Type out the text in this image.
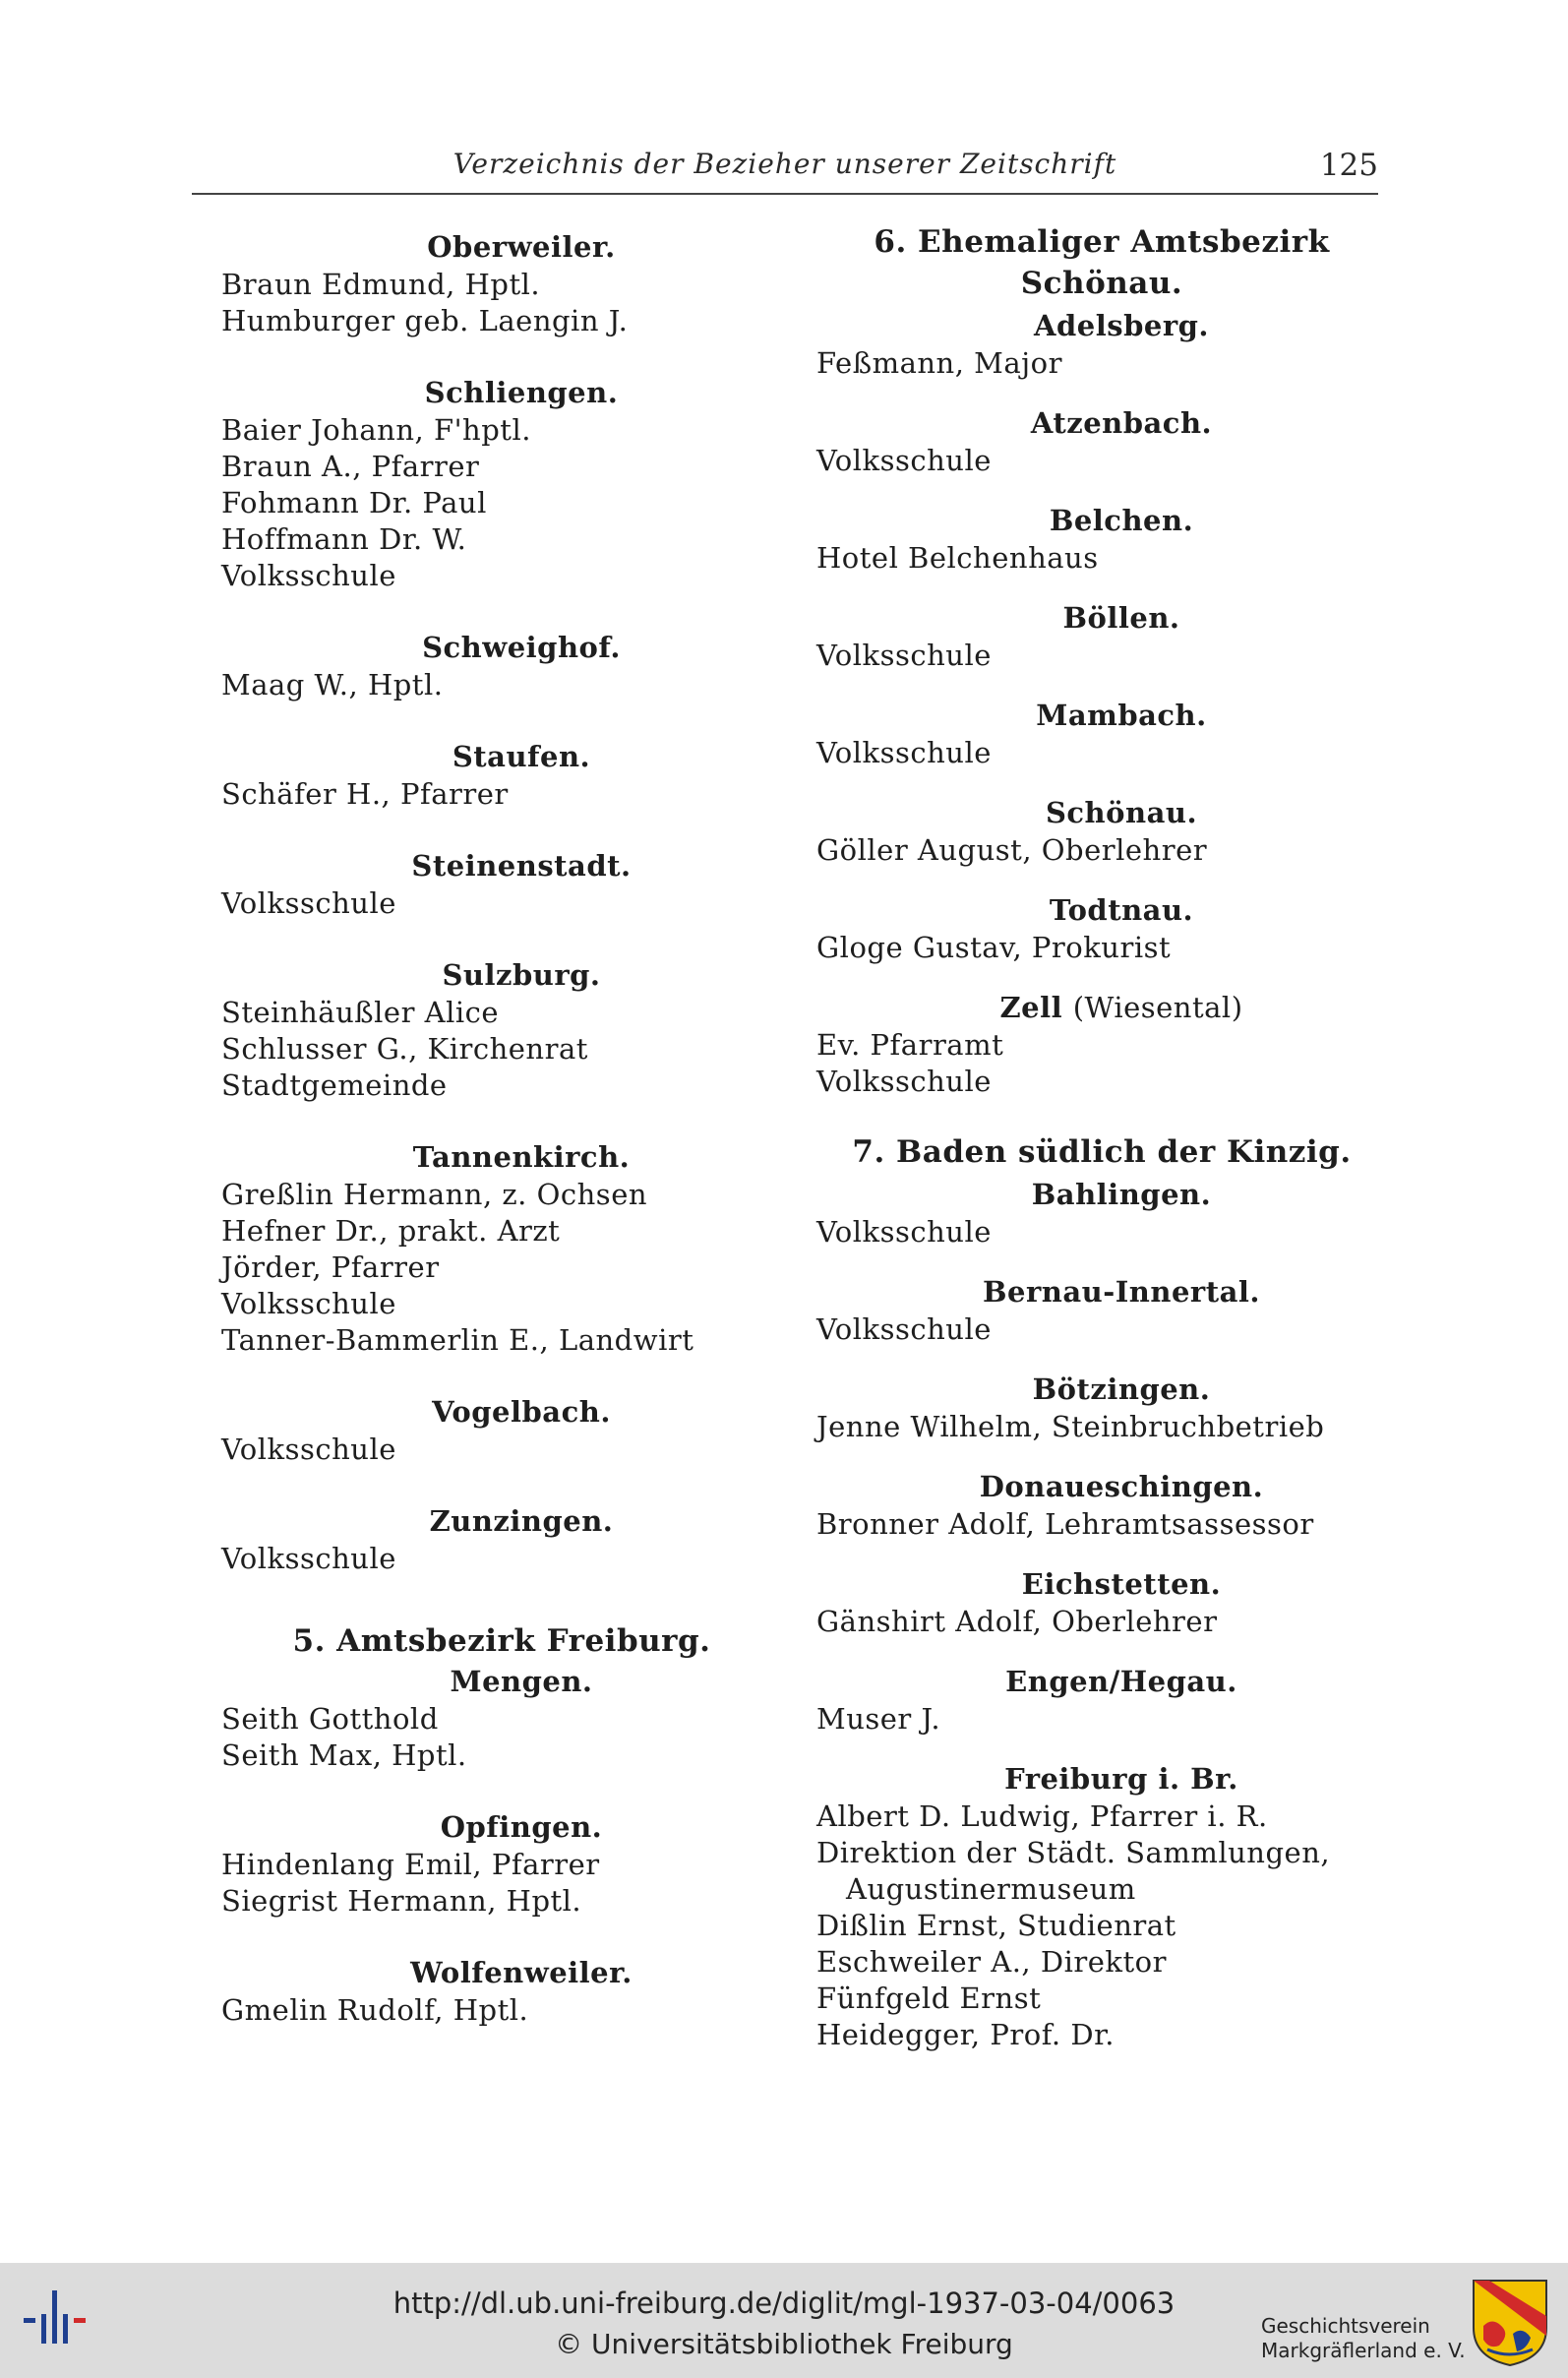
Verzeichnis der Bezieher unserer Zeitschrift	125
Oberweiler.
Braun Edmund, Hptl.
Humburger geb. Laengin J.
Schliengen.
Baier Johann, F'hptl.
Braun A., Pfarrer
Fohmann Dr. Paul
Hoffmann Dr. W.
Volksschule
Schweighof.
Maag W., Hptl.
Staufen.
Schäfer H., Pfarrer
Steinenstadt.
Volksschule
Sulzburg.
Steinhäußler Alice
Schlusser G., Kirchenrat
Stadtgemeinde
Tannenkirch.
Greßlin Hermann, z. Ochsen
Hefner Dr., prakt. Arzt
Jörder, Pfarrer
Volksschule
Tanner-Bammerlin E., Landwirt
Vogelbach.
Volksschule
Zunzingen.
Volksschule
5. Amtsbezirk Freiburg.
Mengen.
Seith Gotthold
Seith Max, Hptl.
Opfingen.
Hindenlang Emil, Pfarrer
Siegrist Hermann, Hptl.
Wolfenweiler.
Gmelin Rudolf, Hptl.
6. Ehemaliger Amtsbezirk Schönau.
Adelsberg.
Feßmann, Major
Atzenbach.
Volksschule
Belchen.
Hotel Belchenhaus
Böllen.
Volksschule
Mambach.
Volksschule
Schönau.
Göller August, Oberlehrer
Todtnau.
Gloge Gustav, Prokurist
Zell (Wiesental)
Ev. Pfarramt
Volksschule
7. Baden südlich der Kinzig.
Bahlingen.
Volksschule
Bernau-Innertal.
Volksschule
Bötzingen.
Jenne Wilhelm, Steinbruchbetrieb
Donaueschingen.
Bronner Adolf, Lehramtsassessor
Eichstetten.
Gänshirt Adolf, Oberlehrer
Engen/Hegau.
Muser J.
Freiburg i. Br.
Albert D. Ludwig, Pfarrer i. R.
Direktion der Städt. Sammlungen,
Augustinermuseum
Dißlin Ernst, Studienrat
Eschweiler A., Direktor
Fünfgeld Ernst
Heidegger, Prof. Dr.
http://dl.ub.uni-freiburg.de/diglit/mgl-1937-03-04/0063
© Universitätsbibliothek Freiburg
Geschichtsverein
Markgräflerland e. V.
